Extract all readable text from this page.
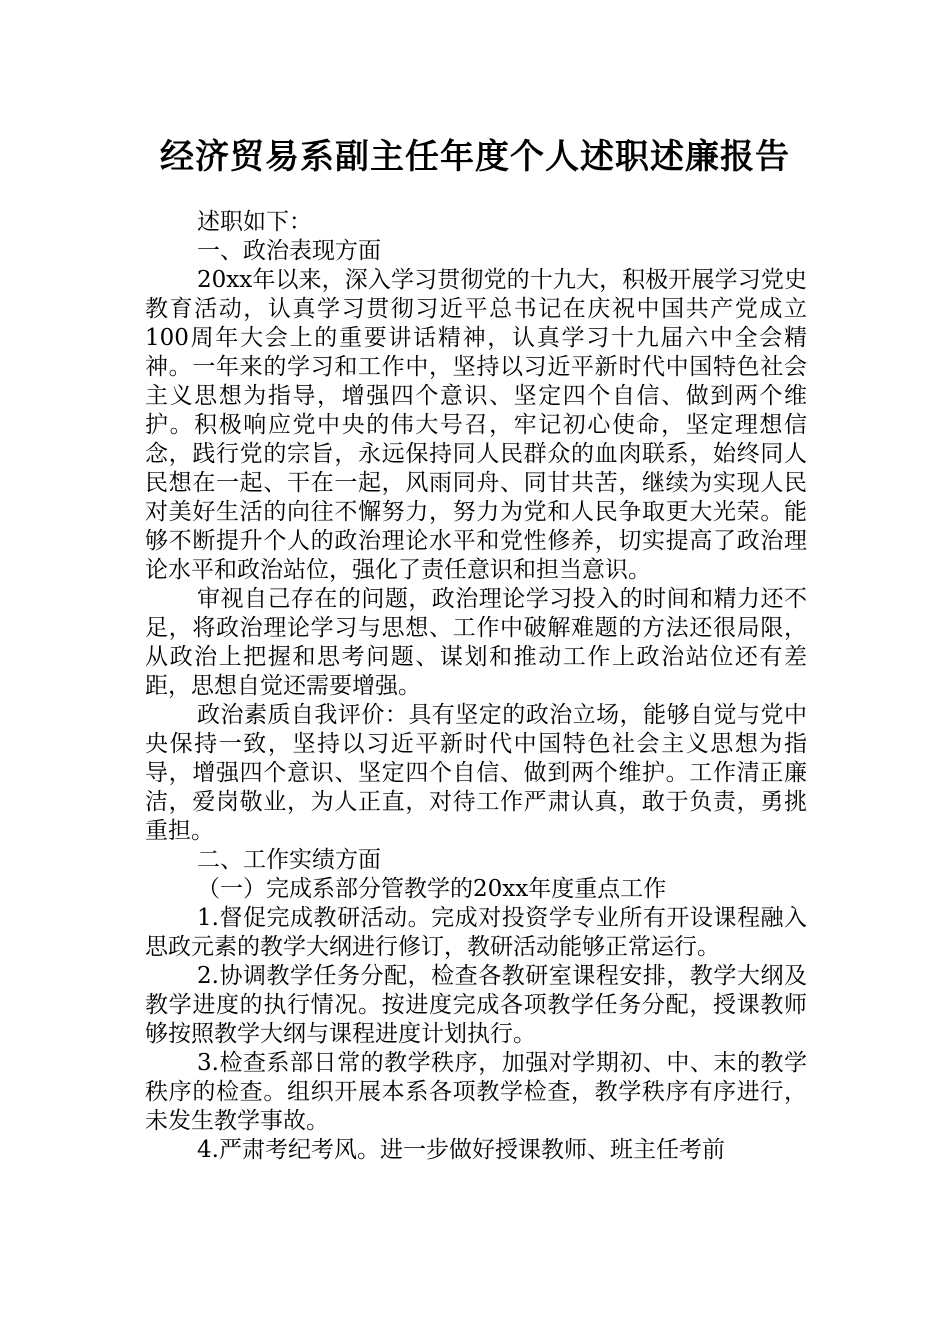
经济贸易系副主任年度个人述职述廉报告

述职如下：

一、政治表现方面

20xx年以来，深入学习贯彻党的十九大，积极开展学习党史教育活动，认真学习贯彻习近平总书记在庆祝中国共产党成立100周年大会上的重要讲话精神，认真学习十九届六中全会精神。一年来的学习和工作中，坚持以习近平新时代中国特色社会主义思想为指导，增强四个意识、坚定四个自信、做到两个维护。积极响应党中央的伟大号召，牢记初心使命，坚定理想信念，践行党的宗旨，永远保持同人民群众的血肉联系，始终同人民想在一起、干在一起，风雨同舟、同甘共苦，继续为实现人民对美好生活的向往不懈努力，努力为党和人民争取更大光荣。能够不断提升个人的政治理论水平和党性修养，切实提高了政治理论水平和政治站位，强化了责任意识和担当意识。

审视自己存在的问题，政治理论学习投入的时间和精力还不足，将政治理论学习与思想、工作中破解难题的方法还很局限，从政治上把握和思考问题、谋划和推动工作上政治站位还有差距，思想自觉还需要增强。

政治素质自我评价：具有坚定的政治立场，能够自觉与党中央保持一致，坚持以习近平新时代中国特色社会主义思想为指导，增强四个意识、坚定四个自信、做到两个维护。工作清正廉洁，爱岗敬业，为人正直，对待工作严肃认真，敢于负责，勇挑重担。

二、工作实绩方面

（一）完成系部分管教学的20xx年度重点工作

1.督促完成教研活动。完成对投资学专业所有开设课程融入思政元素的教学大纲进行修订，教研活动能够正常运行。

2.协调教学任务分配，检查各教研室课程安排，教学大纲及教学进度的执行情况。按进度完成各项教学任务分配，授课教师够按照教学大纲与课程进度计划执行。

3.检查系部日常的教学秩序，加强对学期初、中、末的教学秩序的检查。组织开展本系各项教学检查，教学秩序有序进行，未发生教学事故。

4.严肃考纪考风。进一步做好授课教师、班主任考前
